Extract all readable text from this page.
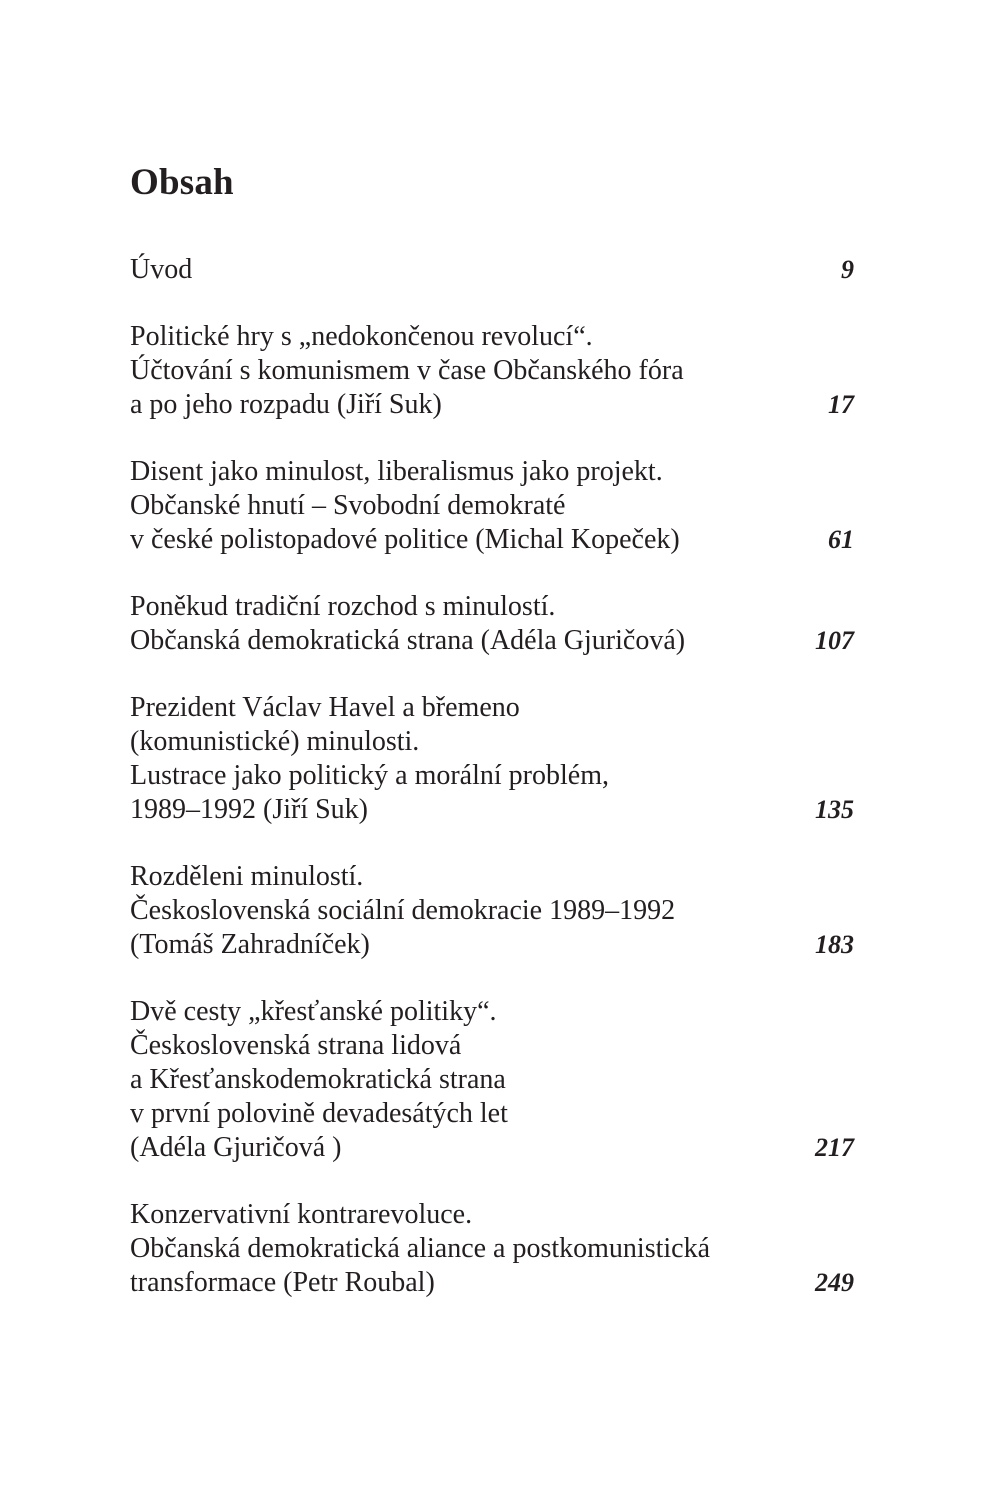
Obsah
Úvod	9
Politické hry s „nedokončenou revolucí“.
Účtování s komunismem v čase Občanského fóra
a po jeho rozpadu (Jiří Suk)	17
Disent jako minulost, liberalismus jako projekt.
Občanské hnutí – Svobodní demokraté
v české polistopadové politice (Michal Kopeček)	61
Poněkud tradiční rozchod s minulostí.
Občanská demokratická strana (Adéla Gjuričová)	107
Prezident Václav Havel a břemeno
(komunistické) minulosti.
Lustrace jako politický a morální problém,
1989–1992 (Jiří Suk)	135
Rozděleni minulostí.
Československá sociální demokracie 1989–1992
(Tomáš Zahradníček)	183
Dvě cesty „křesťanské politiky“.
Československá strana lidová
a Křesťanskodemokratická strana
v první polovině devadesátých let
(Adéla Gjuričová )	217
Konzervativní kontrarevoluce.
Občanská demokratická aliance a postkomunistická
transformace (Petr Roubal)	249
